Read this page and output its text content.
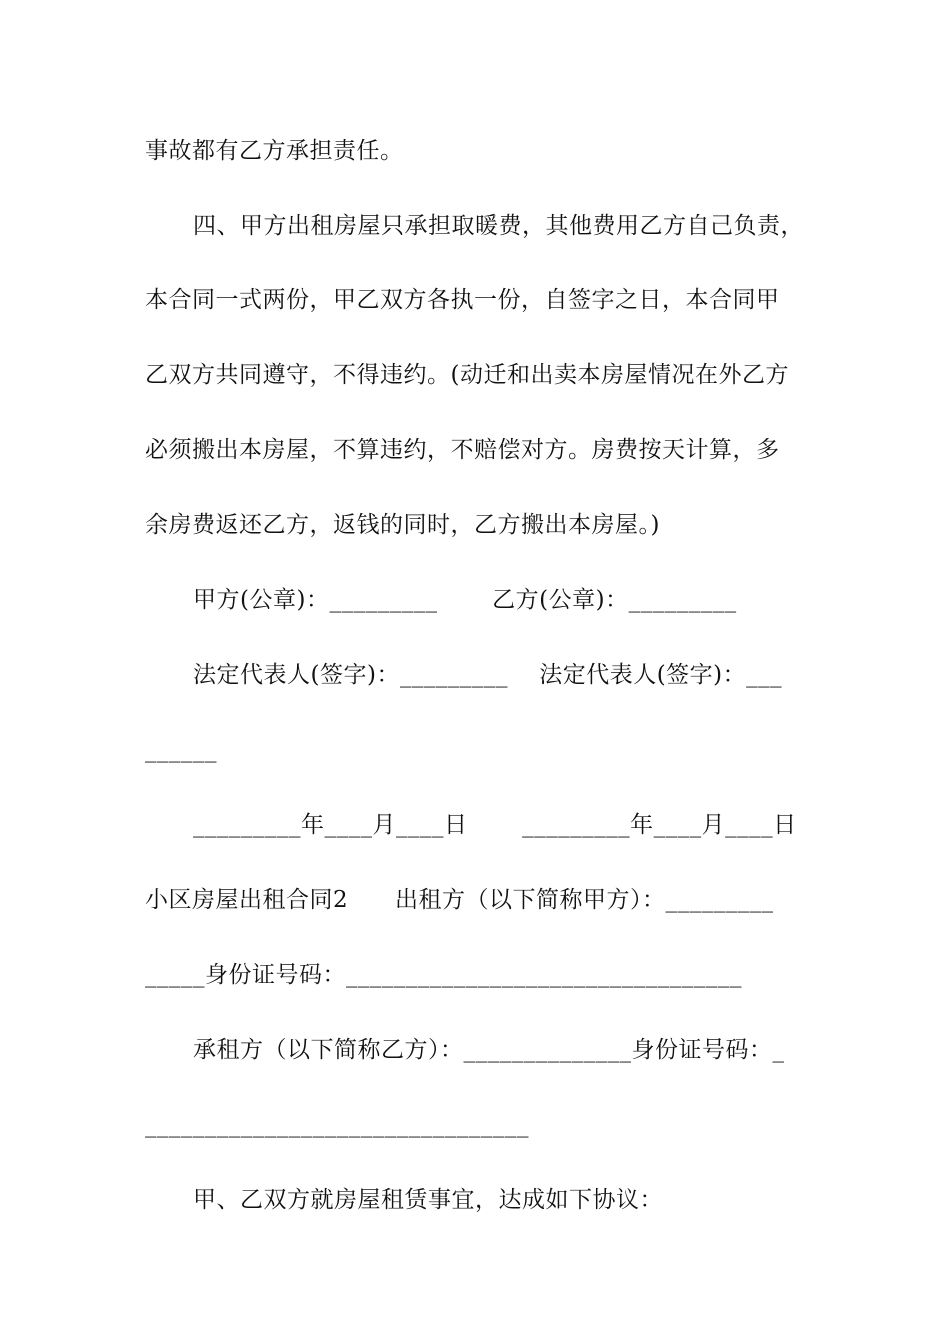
事故都有乙方承担责任。
四、甲方出租房屋只承担取暖费，其他费用乙方自己负责，
本合同一式两份，甲乙双方各执一份，自签字之日，本合同甲
乙双方共同遵守，不得违约。(动迁和出卖本房屋情况在外乙方
必须搬出本房屋，不算违约，不赔偿对方。房费按天计算，多
余房费返还乙方，返钱的同时，乙方搬出本房屋。)
甲方(公章)：_________       乙方(公章)：_________
法定代表人(签字)：_________    法定代表人(签字)：___
______
_________年____月____日       _________年____月____日
小区房屋出租合同2      出租方（以下简称甲方）：_________
_____身份证号码：_________________________________
承租方（以下简称乙方）：______________身份证号码：_
________________________________
甲、乙双方就房屋租赁事宜，达成如下协议：
